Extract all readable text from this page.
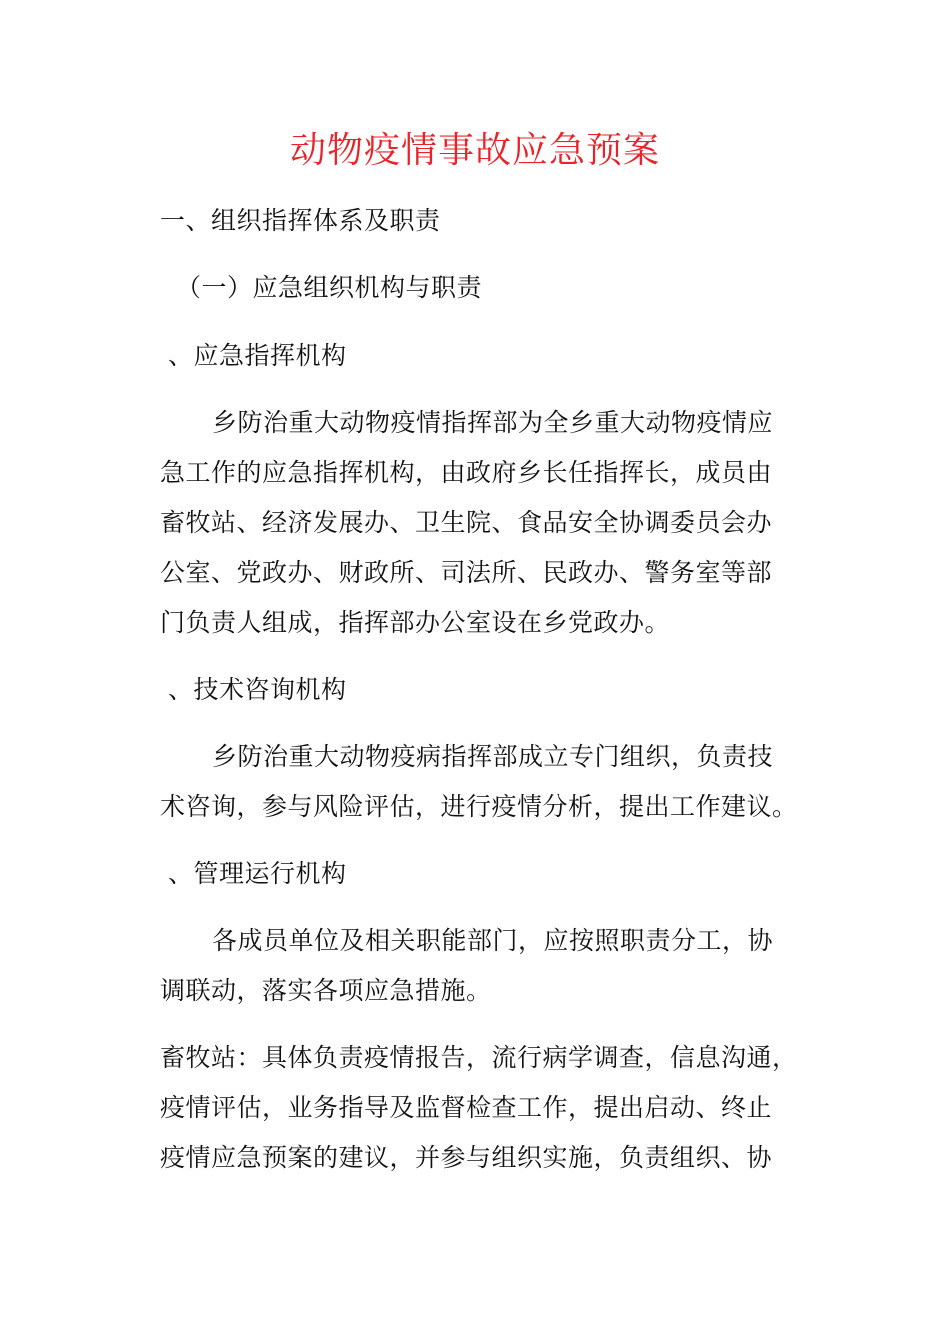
动物疫情事故应急预案
一、组织指挥体系及职责
（一）应急组织机构与职责
、应急指挥机构
乡防治重大动物疫情指挥部为全乡重大动物疫情应
急工作的应急指挥机构，由政府乡长任指挥长，成员由
畜牧站、经济发展办、卫生院、食品安全协调委员会办
公室、党政办、财政所、司法所、民政办、警务室等部
门负责人组成，指挥部办公室设在乡党政办。
、技术咨询机构
乡防治重大动物疫病指挥部成立专门组织，负责技
术咨询，参与风险评估，进行疫情分析，提出工作建议。
、管理运行机构
各成员单位及相关职能部门，应按照职责分工，协
调联动，落实各项应急措施。
畜牧站：具体负责疫情报告，流行病学调查，信息沟通，
疫情评估，业务指导及监督检查工作，提出启动、终止
疫情应急预案的建议，并参与组织实施，负责组织、协
